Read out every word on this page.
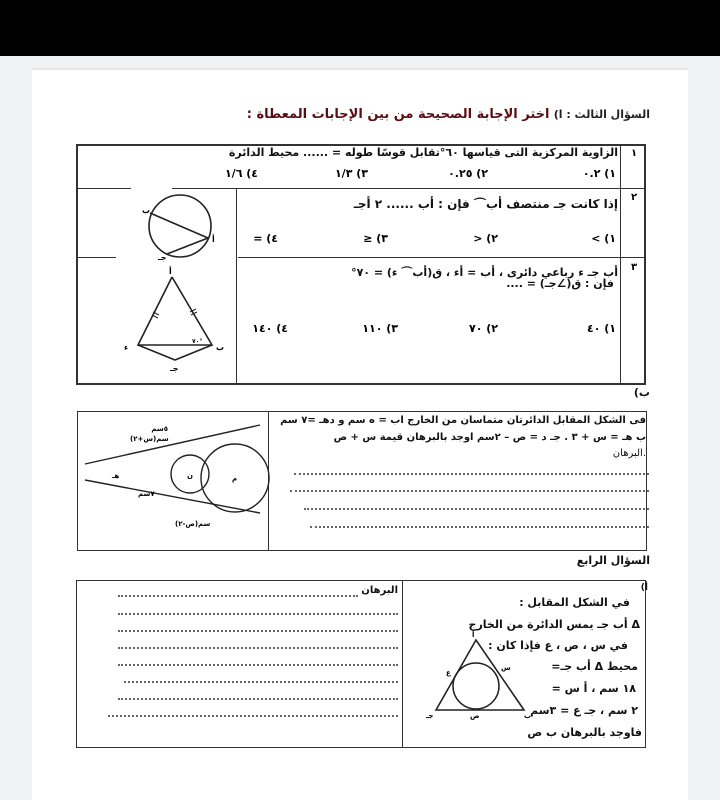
السؤال الثالث : ا) اختر الإجابة الصحيحة من بين الإجابات المعطاة :
١
الزاوية المركزية التى قياسها ٦٠°تقابل قوسًا طوله = ...... محيط الدائرة
١) ٠.٢
٢) ٠.٢٥
٣) ١/٣
٤) ١/٦
٢
إذا كانت جـ منتصف أب⌒ فإن : أب ...... ٢ أجـ
١) >
٢) <
٣) ≤
٤) =
أ
ب
جـ
٣
أب جـ ء رباعي دائرى ، أب = أء ، ق(أب⌒ ء) = ٧٠°
فإن : ق(∠جـ) = ....
١) ٤٠
٢) ٧٠
٣) ١١٠
٤) ١٤٠
أ
ب
ء
جـ
٧٠°
ب)
فى الشكل المقابل الدائرتان متماسان من الخارج اب = ه سم و دهـ =٧ سم
ب هـ = س + ٣ . جـ د = ص – ٢سم اوجد بالبرهان قيمة س + ص
.البرهان
٥سم
(س+٢)سم
٧سم
(ص-٢)سم
هـ	ن	م
السؤال الرابع
أ)
في الشكل المقابل :
Δ أب جـ يمس الدائرة من الخارج
في س ، ص ، ع فإذا كان :
محيط Δ أب جـ=
١٨ سم ، أ س =
٢ سم ، جـ ع = ٣سم
فاوجد بالبرهان ب ص
أ
ب
جـ
س
ص
ع
البرهان
